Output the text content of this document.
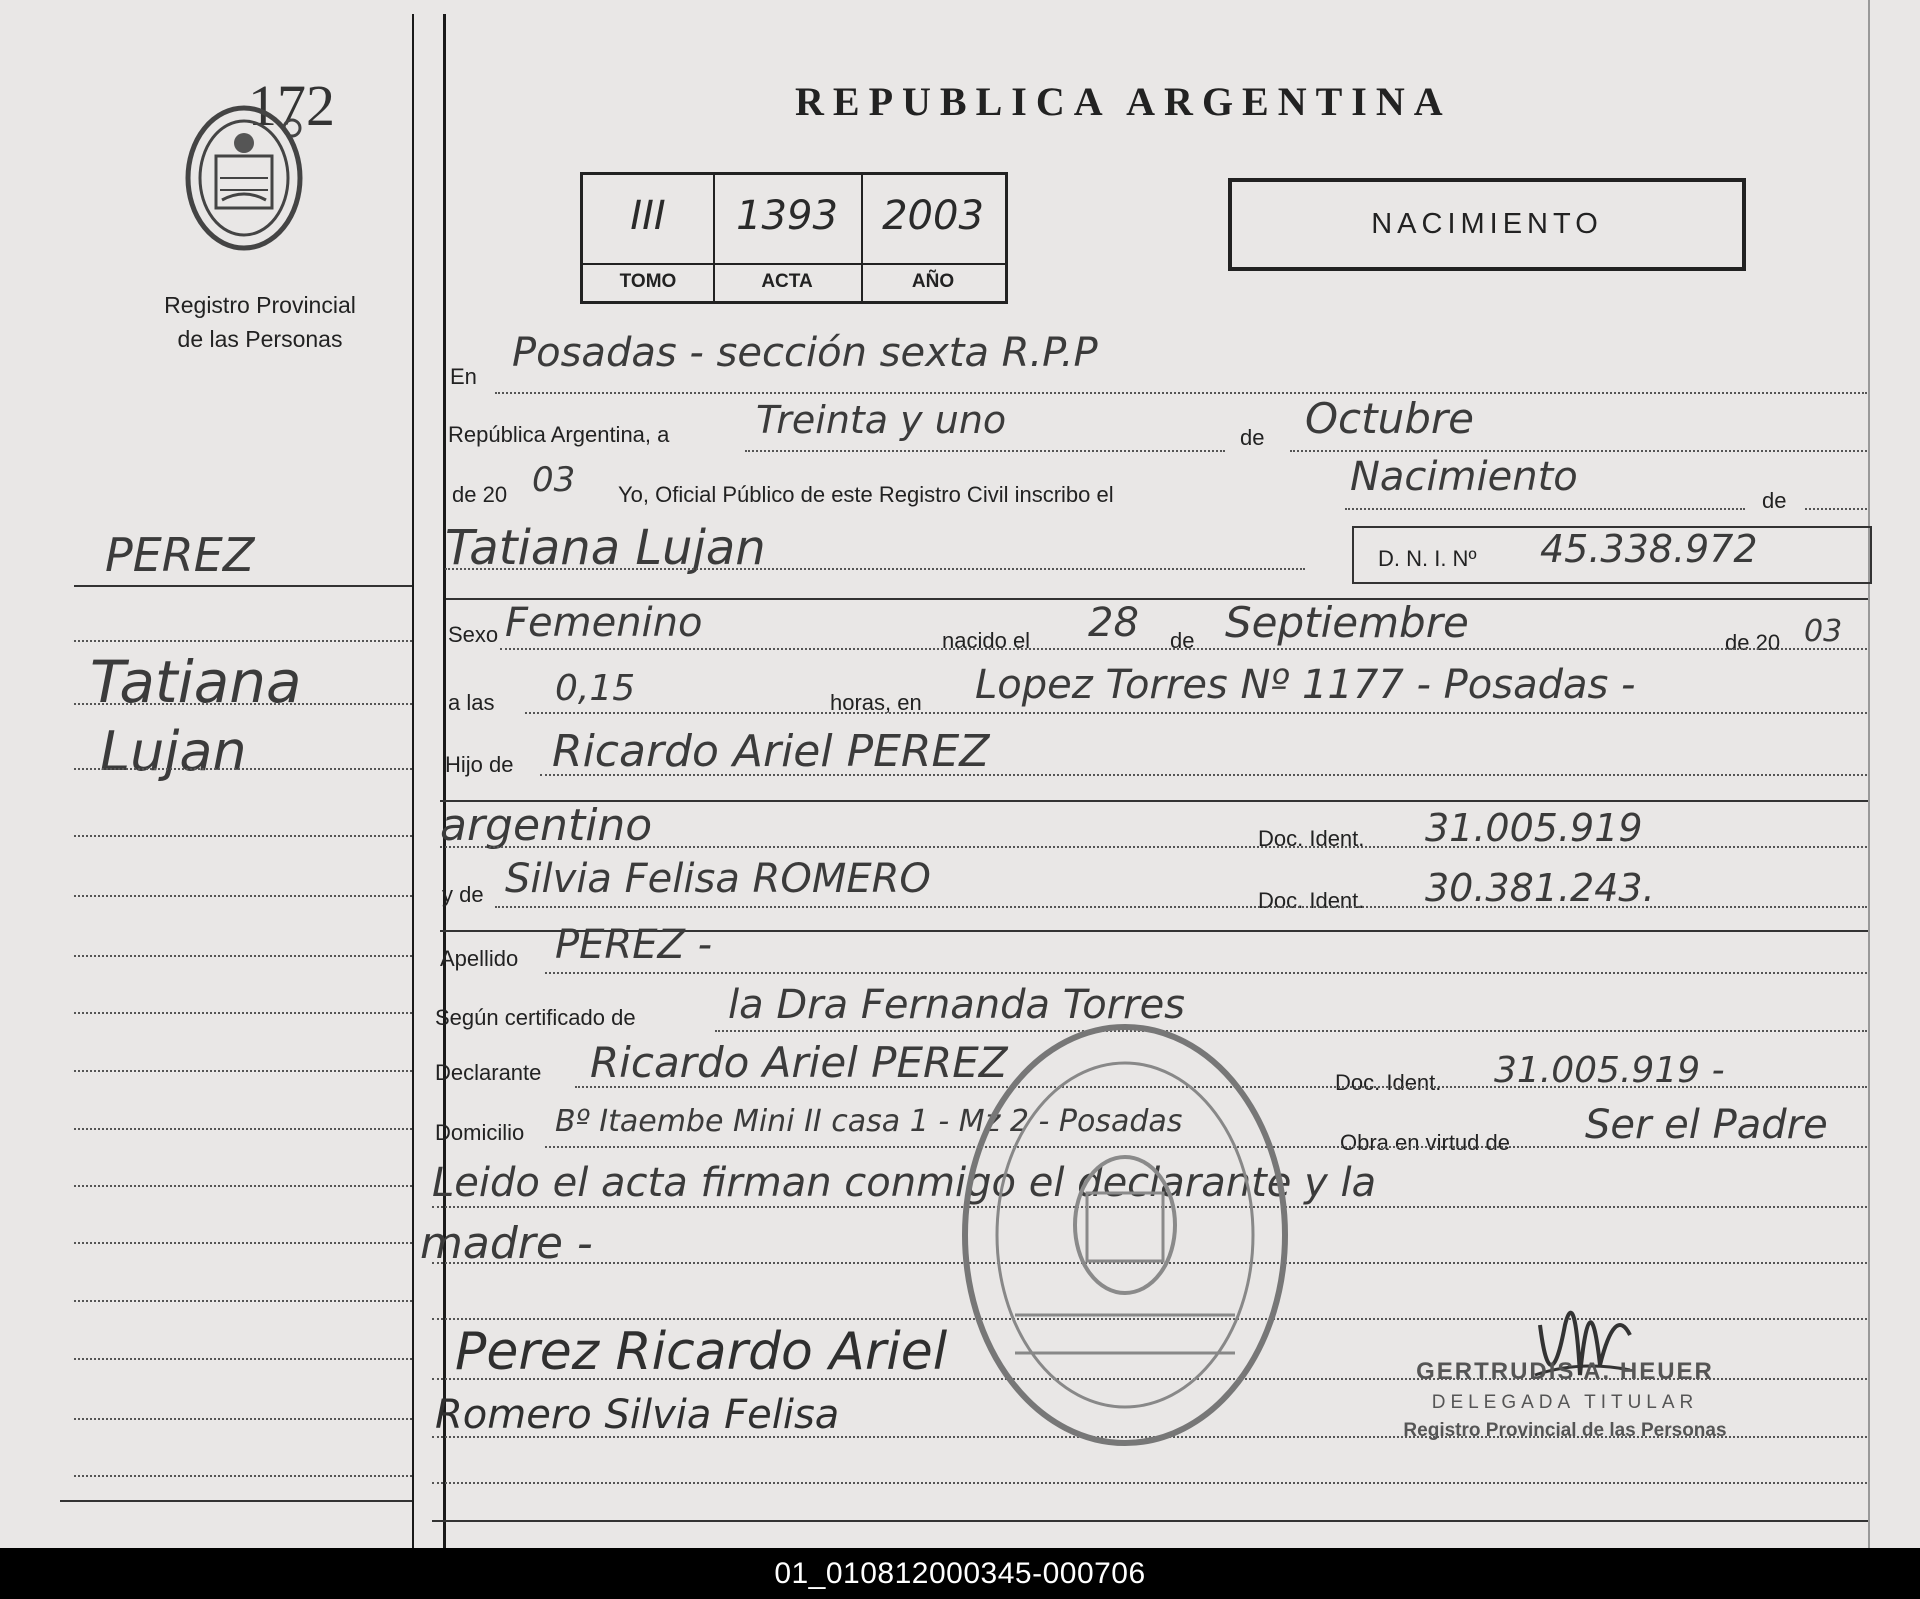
172
Registro Provincial
de las Personas
PEREZ
Tatiana
Lujan
REPUBLICA ARGENTINA
III	1393	2003
TOMO	ACTA	AÑO
NACIMIENTO
En
Posadas - sección sexta R.P.P
República Argentina, a Treinta y uno	de Octubre
de 20 03 Yo, Oficial Público de este Registro Civil inscribo el	Nacimiento
de
Tatiana Lujan	D. N. I. Nº 45.338.972
Sexo Femenino	nacido el 28 de Septiembre	de 20 03
a las 0,15	horas, en Lopez Torres Nº 1177 - Posadas -
Hijo de Ricardo Ariel PEREZ
argentino	Doc. Ident. 31.005.919
y de Silvia Felisa ROMERO	Doc. Ident. 30.381.243.
Apellido PEREZ -
Según certificado de la Dra Fernanda Torres
Declarante Ricardo Ariel PEREZ	Doc. Ident. 31.005.919 -
Domicilio Bº Itaembe Mini II casa 1 - Mz 2 - Posadas
Obra en virtud de Ser el Padre
Leido el acta firman conmigo el declarante y la
madre -
Perez Ricardo Ariel
Romero Silvia Felisa
GERTRUDIS A. HEUER
DELEGADA TITULAR
Registro Provincial de las Personas
01_010812000345-000706
